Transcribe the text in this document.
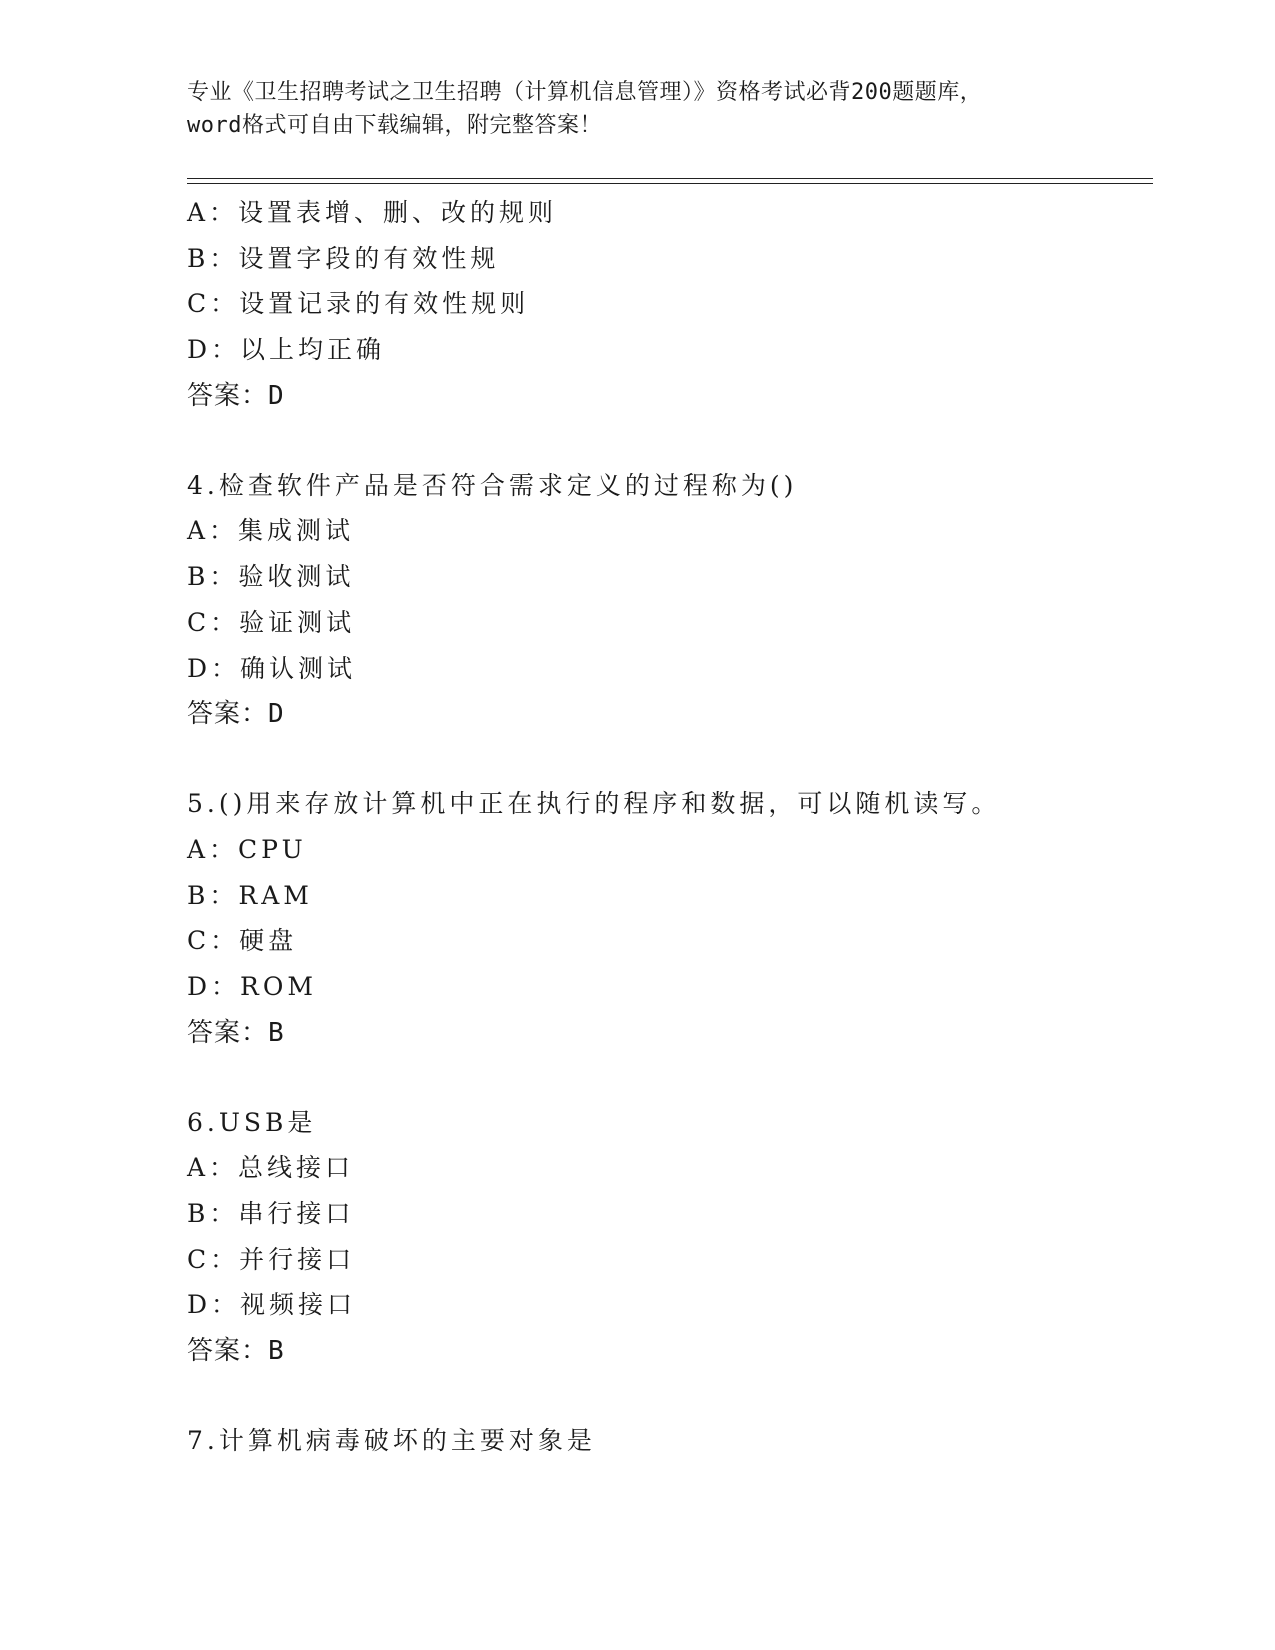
专业《卫生招聘考试之卫生招聘（计算机信息管理）》资格考试必背200题题库，
word格式可自由下载编辑，附完整答案！
A：设置表增、删、改的规则
B：设置字段的有效性规
C：设置记录的有效性规则
D：以上均正确
答案：D
4.检查软件产品是否符合需求定义的过程称为()
A：集成测试
B：验收测试
C：验证测试
D：确认测试
答案：D
5.()用来存放计算机中正在执行的程序和数据，可以随机读写。
A：CPU
B：RAM
C：硬盘
D：ROM
答案：B
6.USB是
A：总线接口
B：串行接口
C：并行接口
D：视频接口
答案：B
7.计算机病毒破坏的主要对象是
